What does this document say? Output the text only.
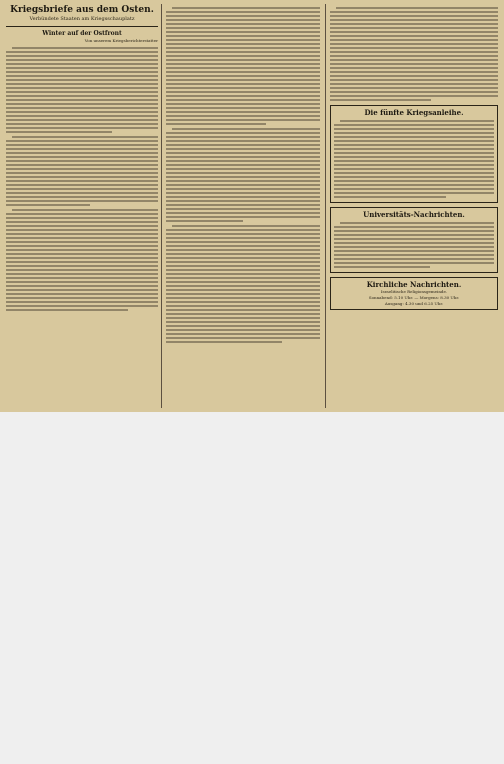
Kriegsbriefe aus dem Osten.
Verbündete Staaten am Kriegsschauplatz
Winter auf der Ostfront
Von unserem Kriegsberichterstatter
Die fünfte Kriegsanleihe.
Universitäts-Nachrichten.
Kirchliche Nachrichten.
Israelitische Religionsgemeinde.
Sonnabend: 5.10 Uhr. — Morgens: 8.30 Uhr.
Ausgang: 4.30 und 6.25 Uhr.
